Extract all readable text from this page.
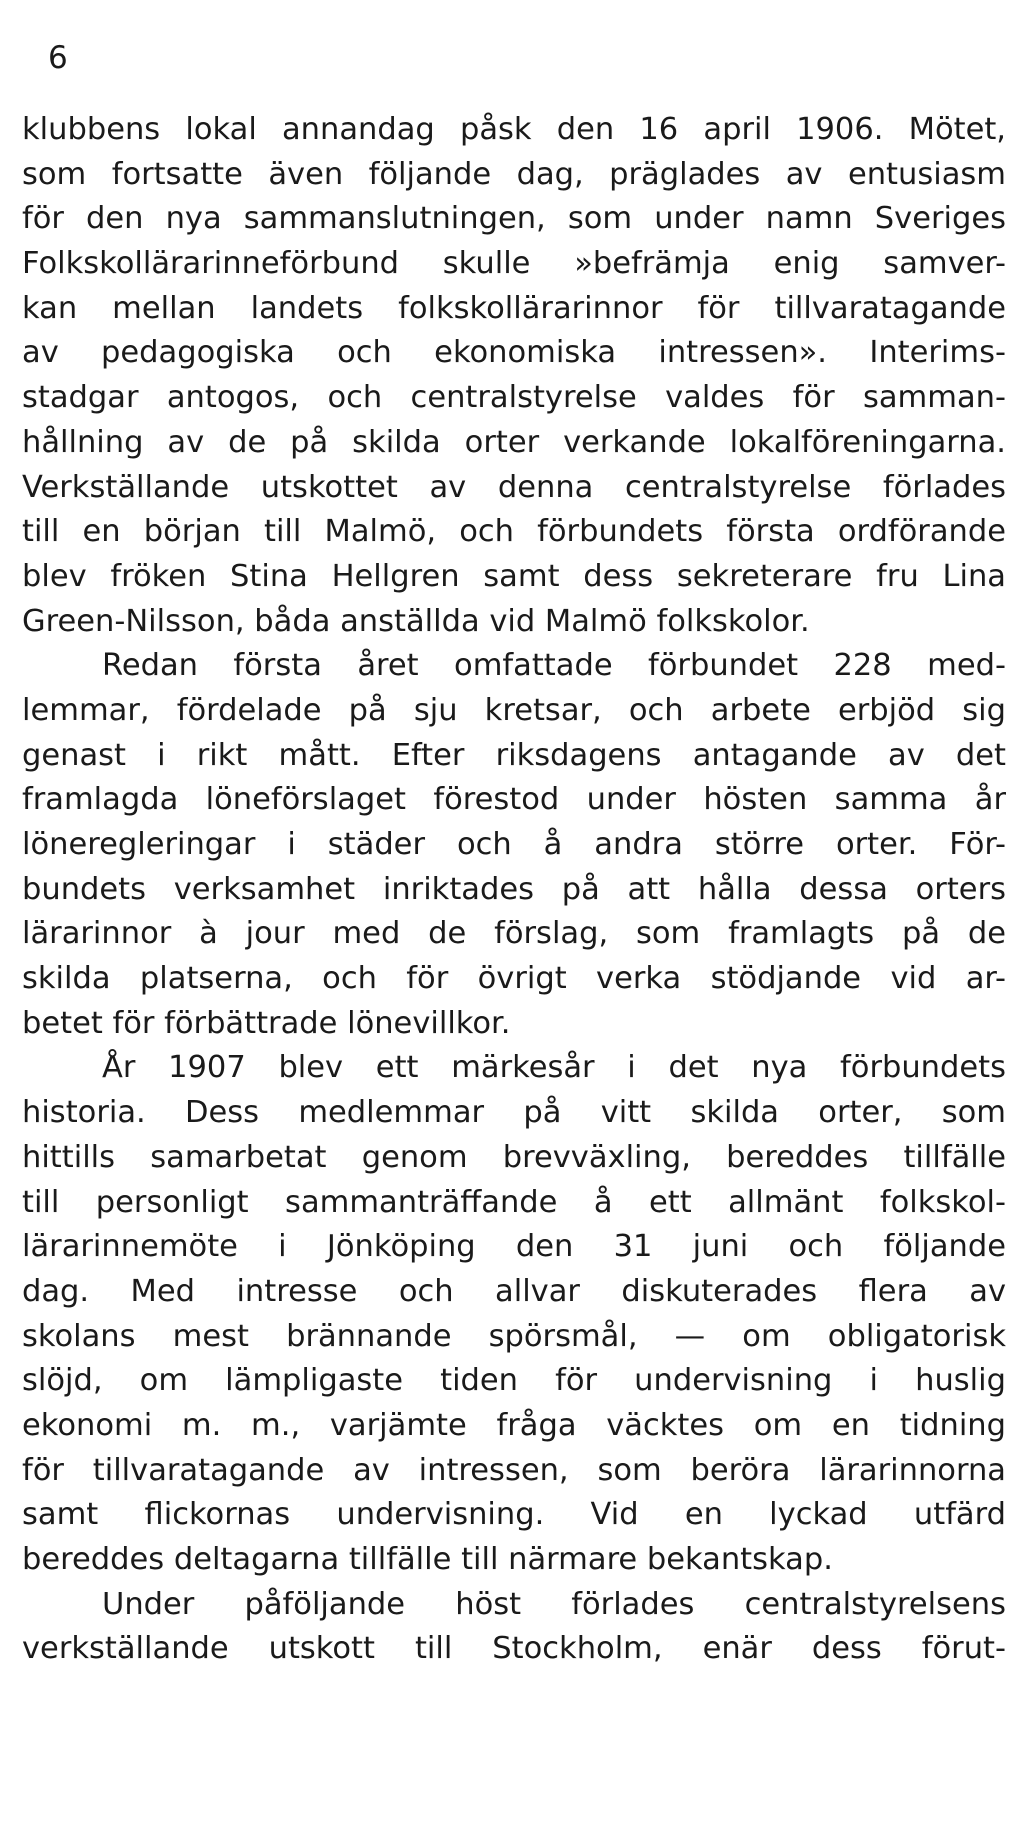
6
klubbens lokal annandag påsk den 16 april 1906. Mötet,
som fortsatte även följande dag, präglades av entusiasm
för den nya sammanslutningen, som under namn Sveriges
Folkskollärarinneförbund skulle »befrämja enig samver-
kan mellan landets folkskollärarinnor för tillvaratagande
av pedagogiska och ekonomiska intressen». Interims-
stadgar antogos, och centralstyrelse valdes för samman-
hållning av de på skilda orter verkande lokalföreningarna.
Verkställande utskottet av denna centralstyrelse förlades
till en början till Malmö, och förbundets första ordförande
blev fröken Stina Hellgren samt dess sekreterare fru Lina
Green-Nilsson, båda anställda vid Malmö folkskolor.
Redan första året omfattade förbundet 228 med-
lemmar, fördelade på sju kretsar, och arbete erbjöd sig
genast i rikt mått. Efter riksdagens antagande av det
framlagda löneförslaget förestod under hösten samma år
löneregleringar i städer och å andra större orter. För-
bundets verksamhet inriktades på att hålla dessa orters
lärarinnor à jour med de förslag, som framlagts på de
skilda platserna, och för övrigt verka stödjande vid ar-
betet för förbättrade lönevillkor.
År 1907 blev ett märkesår i det nya förbundets
historia. Dess medlemmar på vitt skilda orter, som
hittills samarbetat genom brevväxling, bereddes tillfälle
till personligt sammanträffande å ett allmänt folkskol-
lärarinnemöte i Jönköping den 31 juni och följande
dag. Med intresse och allvar diskuterades flera av
skolans mest brännande spörsmål, — om obligatorisk
slöjd, om lämpligaste tiden för undervisning i huslig
ekonomi m. m., varjämte fråga väcktes om en tidning
för tillvaratagande av intressen, som beröra lärarinnorna
samt flickornas undervisning. Vid en lyckad utfärd
bereddes deltagarna tillfälle till närmare bekantskap.
Under påföljande höst förlades centralstyrelsens
verkställande utskott till Stockholm, enär dess förut-
